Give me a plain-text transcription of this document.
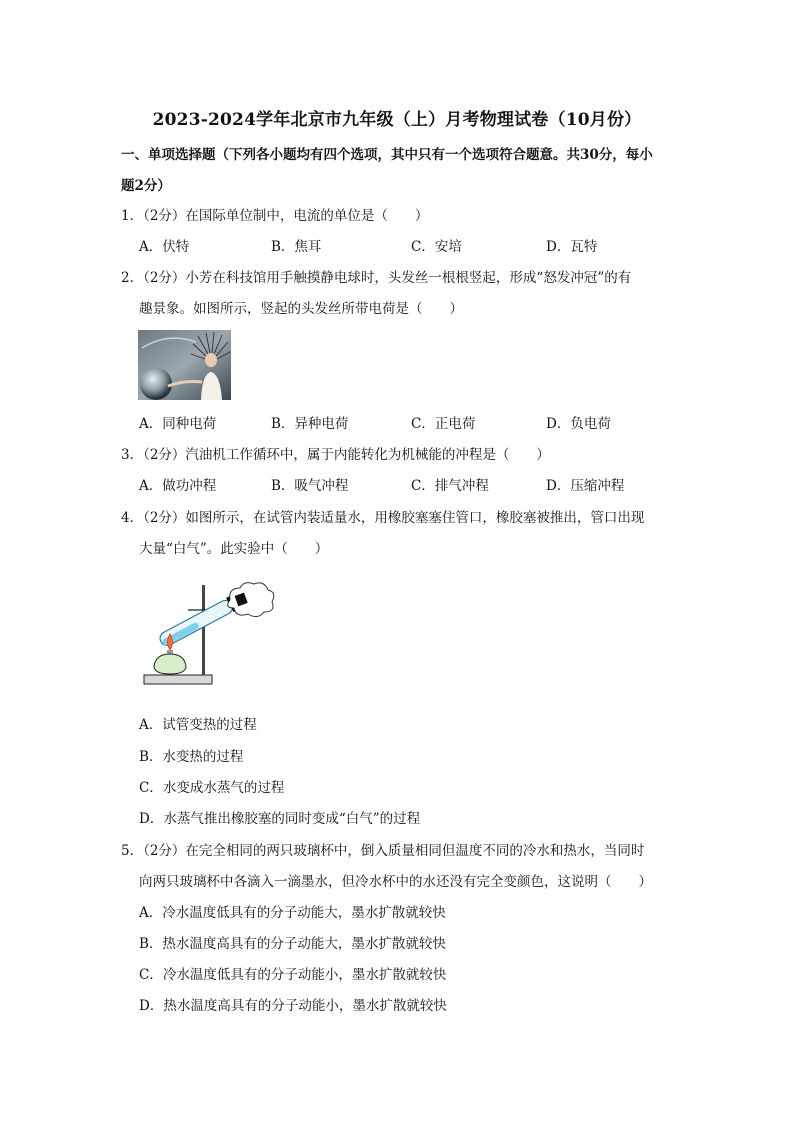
2023-2024学年北京市九年级（上）月考物理试卷（10月份）
一、单项选择题（下列各小题均有四个选项，其中只有一个选项符合题意。共30分，每小
题2分）
1．（2分）在国际单位制中，电流的单位是（　　）
A．伏特	B．焦耳	C．安培	D．瓦特
2．（2分）小芳在科技馆用手触摸静电球时，头发丝一根根竖起，形成“怒发冲冠”的有
趣景象。如图所示，竖起的头发丝所带电荷是（　　）
A．同种电荷	B．异种电荷	C．正电荷	D．负电荷
3．（2分）汽油机工作循环中，属于内能转化为机械能的冲程是（　　）
A．做功冲程	B．吸气冲程	C．排气冲程	D．压缩冲程
4．（2分）如图所示，在试管内装适量水，用橡胶塞塞住管口，橡胶塞被推出，管口出现
大量“白气”。此实验中（　　）
A．试管变热的过程
B．水变热的过程
C．水变成水蒸气的过程
D．水蒸气推出橡胶塞的同时变成“白气”的过程
5．（2分）在完全相同的两只玻璃杯中，倒入质量相同但温度不同的冷水和热水，当同时
向两只玻璃杯中各滴入一滴墨水，但冷水杯中的水还没有完全变颜色，这说明（　　）
A．冷水温度低具有的分子动能大，墨水扩散就较快
B．热水温度高具有的分子动能大，墨水扩散就较快
C．冷水温度低具有的分子动能小，墨水扩散就较快
D．热水温度高具有的分子动能小，墨水扩散就较快
